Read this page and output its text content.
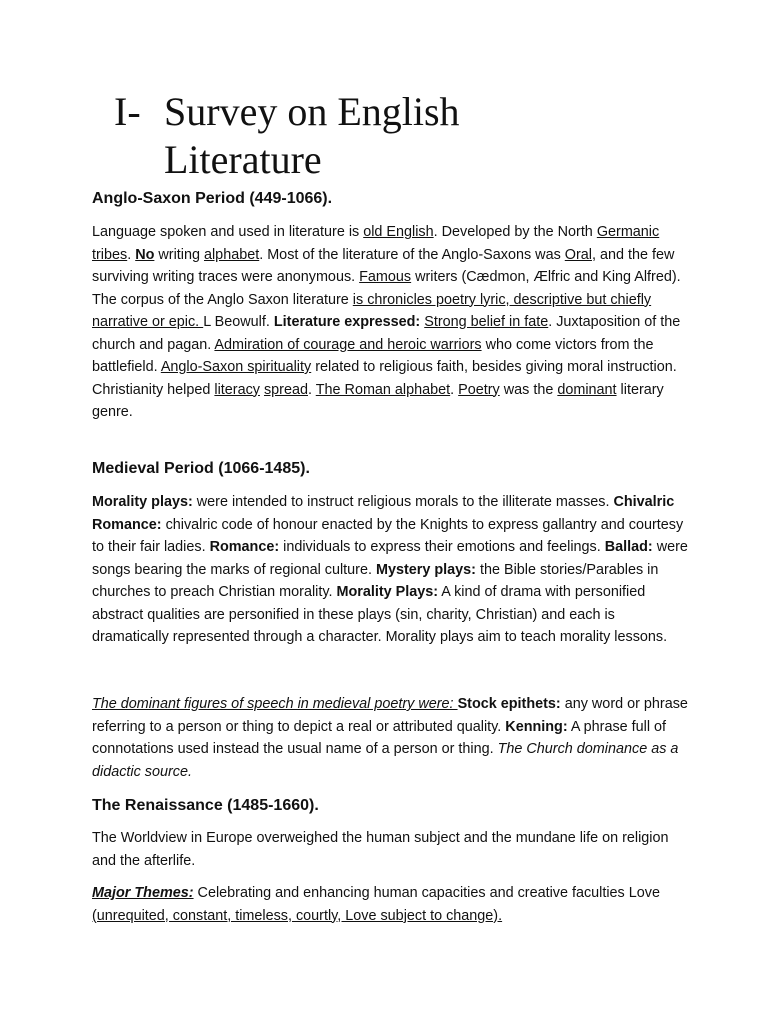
I- Survey on English
Literature
Anglo-Saxon Period (449-1066).

Language spoken and used in literature is old English. Developed by the North Germanic tribes. No writing alphabet. Most of the literature of the Anglo-Saxons was Oral, and the few surviving writing traces were anonymous. Famous writers (Cædmon, Ælfric and King Alfred). The corpus of the Anglo Saxon literature is chronicles poetry lyric, descriptive but chiefly narrative or epic. L Beowulf. Literature expressed: Strong belief in fate. Juxtaposition of the church and pagan. Admiration of courage and heroic warriors who come victors from the battlefield. Anglo-Saxon spirituality related to religious faith, besides giving moral instruction. Christianity helped literacy spread. The Roman alphabet. Poetry was the dominant literary genre.

Medieval Period (1066-1485).

Morality plays: were intended to instruct religious morals to the illiterate masses. Chivalric Romance: chivalric code of honour enacted by the Knights to express gallantry and courtesy to their fair ladies. Romance: individuals to express their emotions and feelings. Ballad: were songs bearing the marks of regional culture. Mystery plays: the Bible stories/Parables in churches to preach Christian morality. Morality Plays: A kind of drama with personified abstract qualities are personified in these plays (sin, charity, Christian) and each is dramatically represented through a character. Morality plays aim to teach morality lessons.

The dominant figures of speech in medieval poetry were: Stock epithets: any word or phrase referring to a person or thing to depict a real or attributed quality. Kenning: A phrase full of connotations used instead the usual name of a person or thing. The Church dominance as a didactic source.

The Renaissance (1485-1660).

The Worldview in Europe overweighed the human subject and the mundane life on religion and the afterlife.

Major Themes: Celebrating and enhancing human capacities and creative faculties Love (unrequited, constant, timeless, courtly, Love subject to change).
